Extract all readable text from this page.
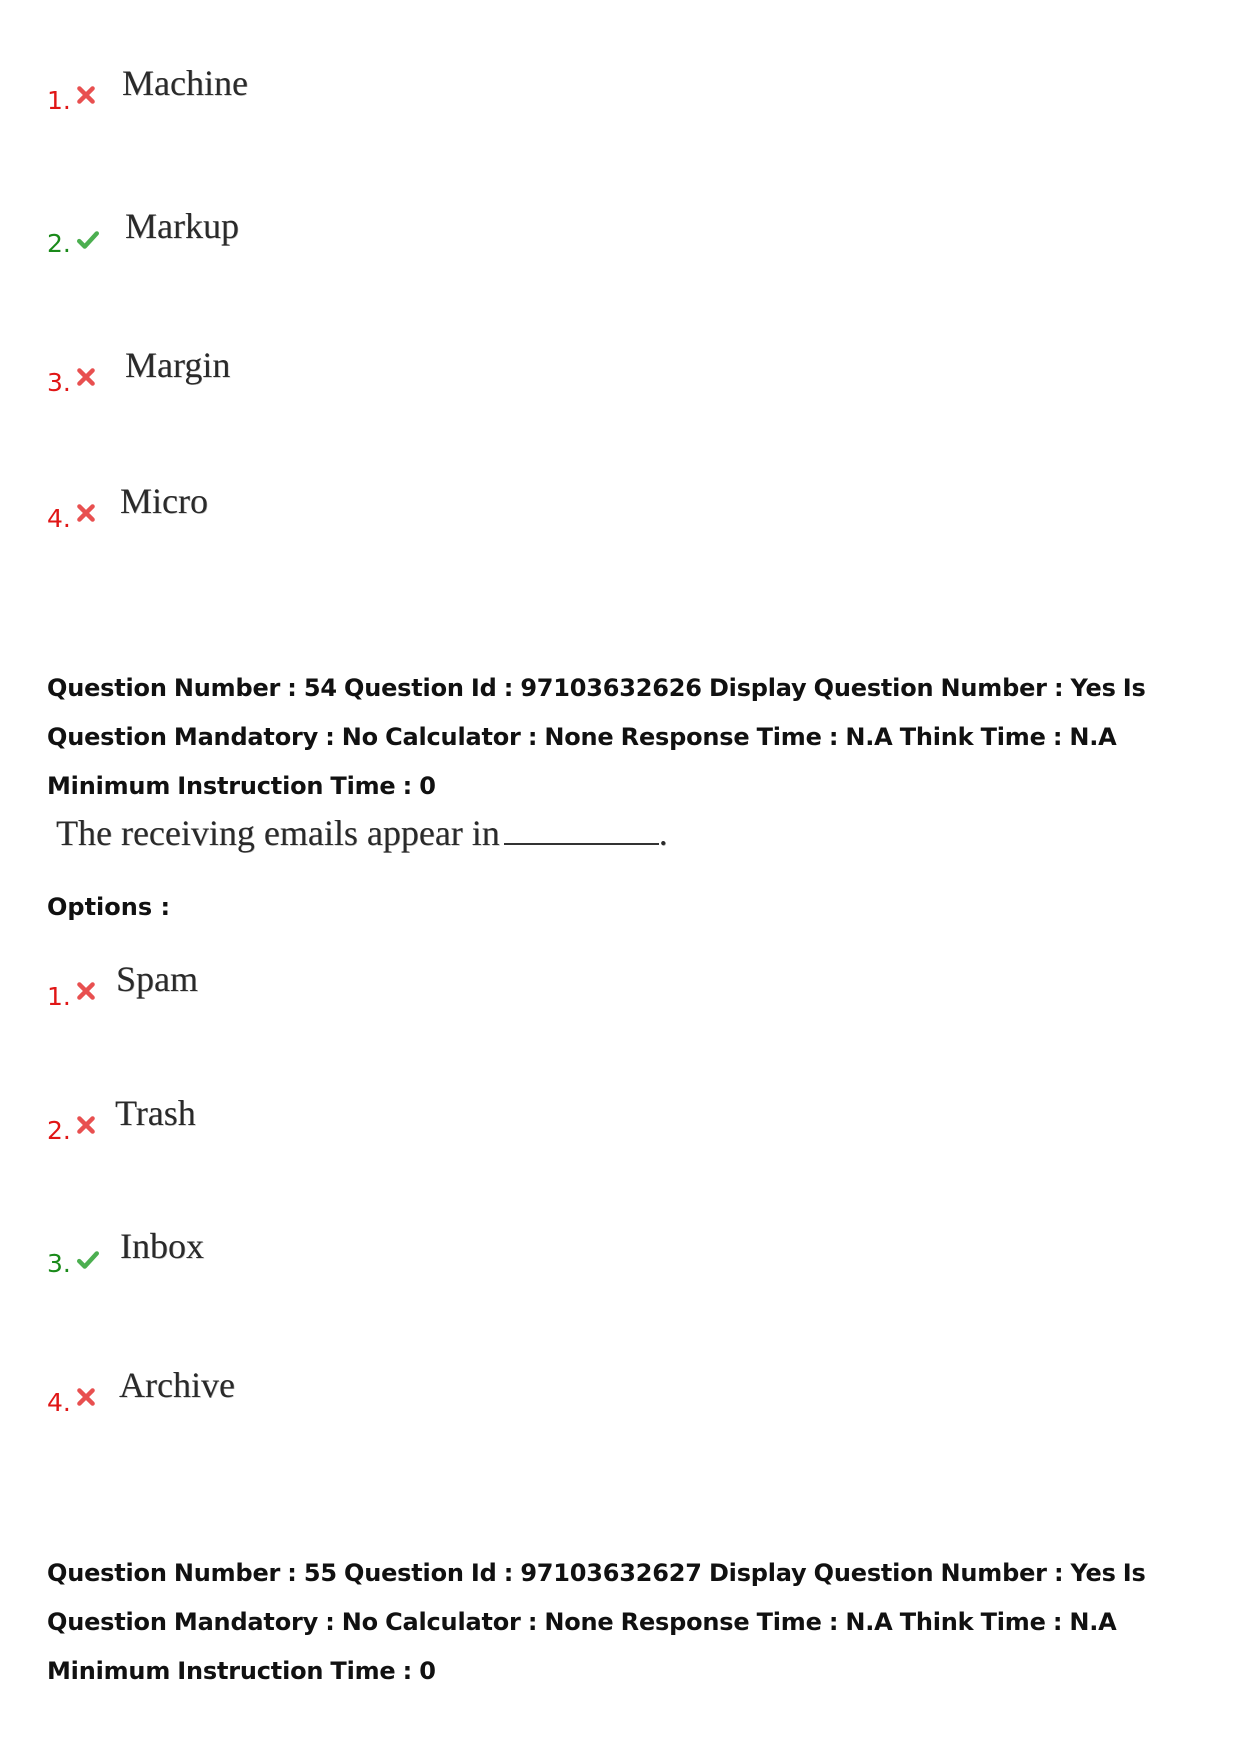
1. Machine
2. Markup
3. Margin
4. Micro
Question Number : 54 Question Id : 97103632626 Display Question Number : Yes Is Question Mandatory : No Calculator : None Response Time : N.A Think Time : N.A Minimum Instruction Time : 0
The receiving emails appear in	.
Options :
1. Spam
2. Trash
3. Inbox
4. Archive
Question Number : 55 Question Id : 97103632627 Display Question Number : Yes Is Question Mandatory : No Calculator : None Response Time : N.A Think Time : N.A Minimum Instruction Time : 0
